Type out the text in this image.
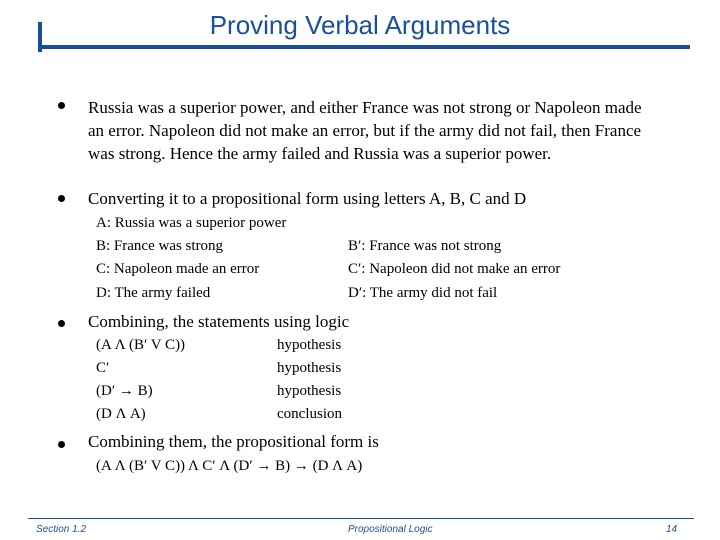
Proving Verbal Arguments
Russia was a superior power, and either France was not strong or Napoleon made an error. Napoleon did not make an error, but if the army did not fail, then France was strong. Hence the army failed and Russia was a superior power.
Converting it to a propositional form using letters A, B, C and D
A: Russia was a superior power
B: France was strong	B′: France was not strong
C: Napoleon made an error	C′: Napoleon did not make an error
D: The army failed	D′: The army did not fail
Combining, the statements using logic
(A Λ (B′ V C))	hypothesis
C′	hypothesis
(D′ → B)	hypothesis
(D Λ A)	conclusion
Combining them, the propositional form is
(A Λ (B′ V C)) Λ C′ Λ (D′ → B) → (D Λ A)
Section 1.2	Propositional Logic	14
